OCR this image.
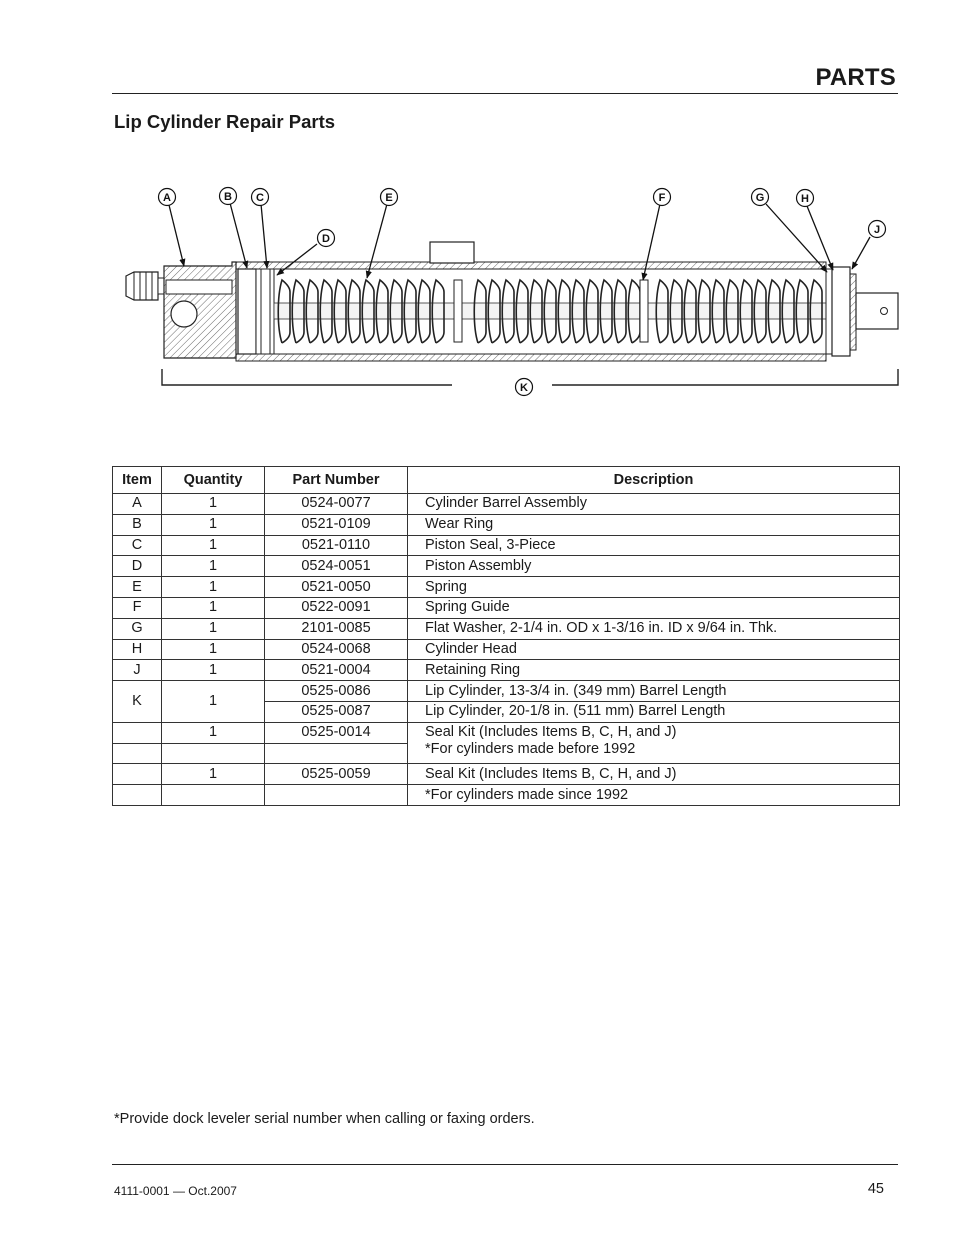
PARTS
Lip Cylinder Repair Parts
A	B C
D
E	F	G	H
J
K
Item	Quantity	Part Number	Description
A	1	0524-0077	Cylinder Barrel Assembly
B	1	0521-0109	Wear Ring
C	1	0521-0110	Piston Seal, 3-Piece
D	1	0524-0051	Piston Assembly
E	1	0521-0050	Spring
F	1	0522-0091	Spring Guide
G	1	2101-0085	Flat Washer, 2-1/4 in. OD x 1-3/16 in. ID x 9/64 in. Thk.
H	1	0524-0068	Cylinder Head
J	1	0521-0004	Retaining Ring
K	1	0525-0086	Lip Cylinder, 13-3/4 in. (349 mm) Barrel Length
		0525-0087	Lip Cylinder, 20-1/8 in. (511 mm) Barrel Length
	1	0525-0014	Seal Kit (Includes Items B, C, H, and J)
			*For cylinders made before 1992
	1	0525-0059	Seal Kit (Includes Items B, C, H, and J)
			*For cylinders made since 1992
*Provide dock leveler serial number when calling or faxing orders.
4111-0001 — Oct.2007	45
